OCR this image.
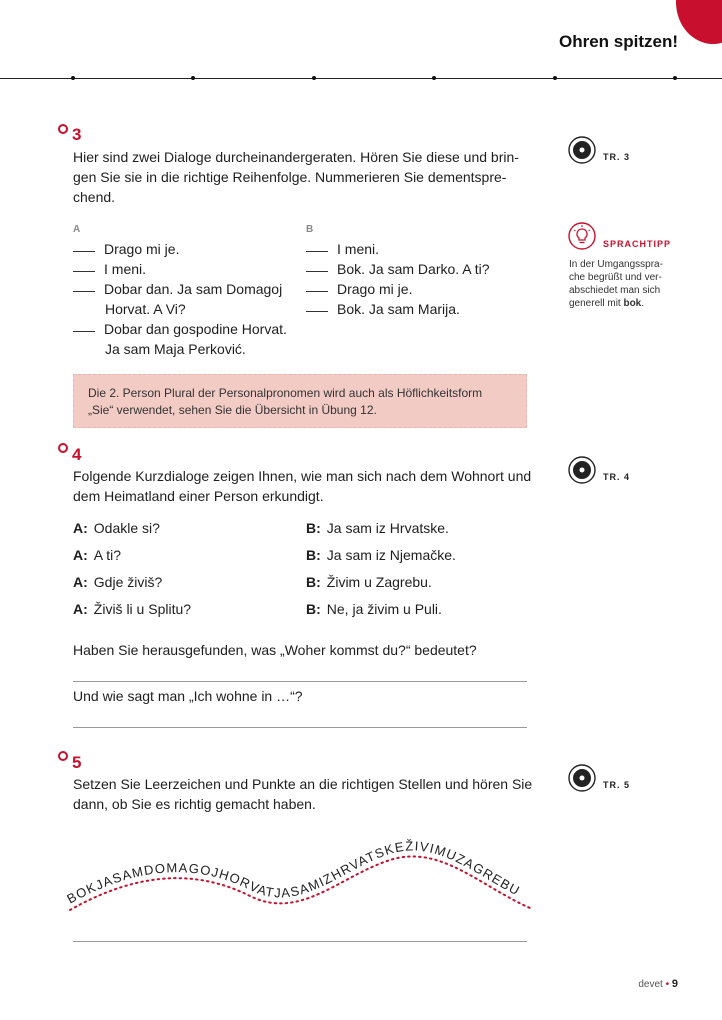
Ohren spitzen!
3
Hier sind zwei Dialoge durcheinandergeraten. Hören Sie diese und brin-
gen Sie sie in die richtige Reihenfolge. Nummerieren Sie dementspre-
chend.
A
Drago mi je.
I meni.
Dobar dan. Ja sam Domagoj
Horvat. A Vi?
Dobar dan gospodine Horvat.
Ja sam Maja Perković.
B
I meni.
Bok. Ja sam Darko. A ti?
Drago mi je.
Bok. Ja sam Marija.
Die 2. Person Plural der Personalpronomen wird auch als Höflichkeitsform
„Sie“ verwendet, sehen Sie die Übersicht in Übung 12.
4
Folgende Kurzdialoge zeigen Ihnen, wie man sich nach dem Wohnort und
dem Heimatland einer Person erkundigt.
A: Odakle si?	B: Ja sam iz Hrvatske.
A: A ti?	B: Ja sam iz Njemačke.
A: Gdje živiš?	B: Živim u Zagrebu.
A: Živiš li u Splitu?	B: Ne, ja živim u Puli.
Haben Sie herausgefunden, was „Woher kommst du?“ bedeutet?
Und wie sagt man „Ich wohne in …“?
5
Setzen Sie Leerzeichen und Punkte an die richtigen Stellen und hören Sie
dann, ob Sie es richtig gemacht haben.
BOKJASAMDOMAGOJHORVATJASAMIZHRVATSKEŽIVIMUZAGREBU
TR. 3
SPRACHTIPP
In der Umgangsspra-
che begrüßt und ver-
abschiedet man sich
generell mit bok.
TR. 4
TR. 5
devet • 9
